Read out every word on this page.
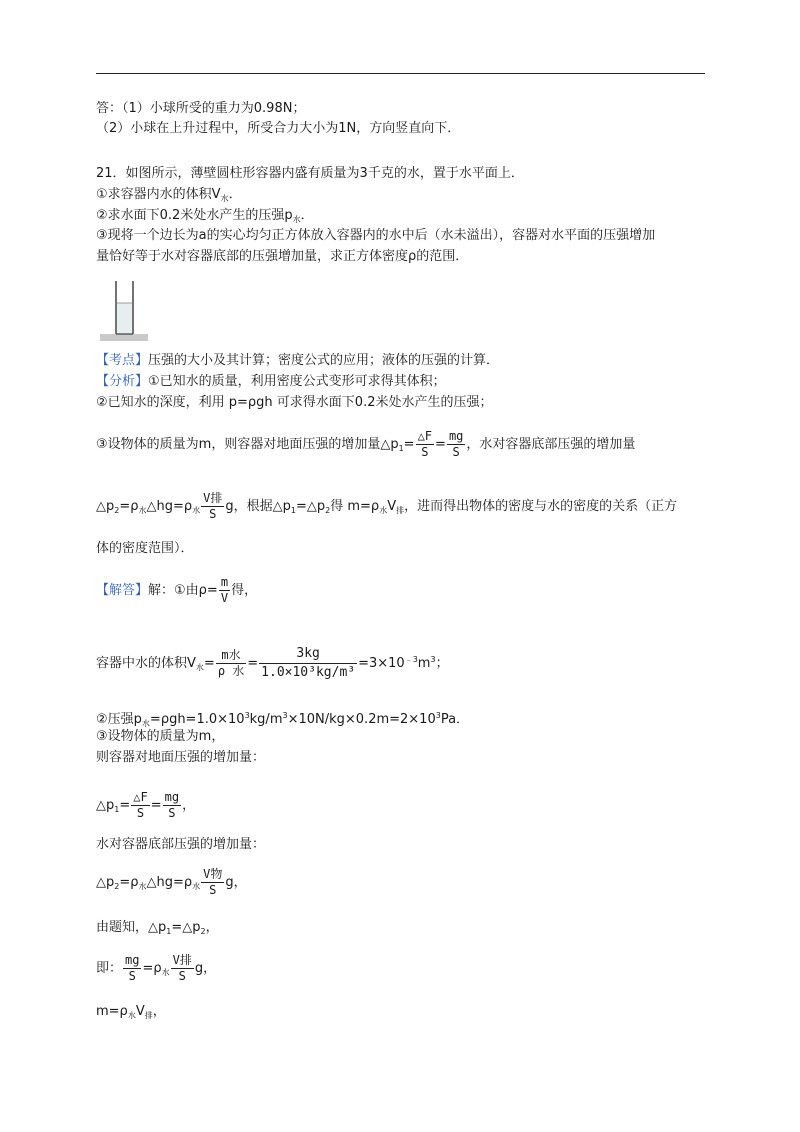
答：（1）小球所受的重力为0.98N；
（2）小球在上升过程中，所受合力大小为1N，方向竖直向下．
21．如图所示，薄壁圆柱形容器内盛有质量为3千克的水，置于水平面上．
①求容器内水的体积$V_水$．
②求水面下0.2米处水产生的压强$p_水$．
③现将一个边长为a的实心均匀正方体放入容器内的水中后（水未溢出），容器对水平面的压强增加
量恰好等于水对容器底部的压强增加量，求正方体密度ρ的范围．
【考点】压强的大小及其计算；密度公式的应用；液体的压强的计算．
【分析】①已知水的质量，利用密度公式变形可求得其体积；
②已知水的深度，利用 p=ρgh 可求得水面下0.2米处水产生的压强；
③设物体的质量为m，则容器对地面压强的增加量$\triangle p_1= \frac{\triangle F}{S} = \frac{mg}{S}$ ，水对容器底部压强的增加量
$\triangle p_2=\rho_水\triangle hg=\rho_水 \frac{\text{V排}}{S}$ g，根据$\triangle p_1=\triangle p_2$得 $m=\rho_水V_排$，进而得出物体的密度与水的密度的关系（正方
体的密度范围）．
【解答】解：①由$\rho= \frac{m}{V}$ 得，
容器中水的体积$V_水= \frac{\text{m水}}{\text{ρ 水}} = \frac{3kg}{\text{1.0×10³kg/m³}} =3\times 10^{﹣3}m^3$；
②压强$p_水=\rho gh=1.0\times 10^3kg/m^3\times 10N/kg\times 0.2m=2\times 10^3Pa$．
③设物体的质量为m，
则容器对地面压强的增加量：
$\triangle p_1= \frac{\triangle F}{S} = \frac{mg}{S}$ ，
水对容器底部压强的增加量：
$\triangle p_2=\rho_水\triangle hg=\rho_水 \frac{\text{V物}}{S}$ g，
由题知，$\triangle p_1=\triangle p_2$，
即： $\frac{mg}{S} =\rho_水 \frac{\text{V排}}{S}$ g，
$m=\rho_水V_排$，
